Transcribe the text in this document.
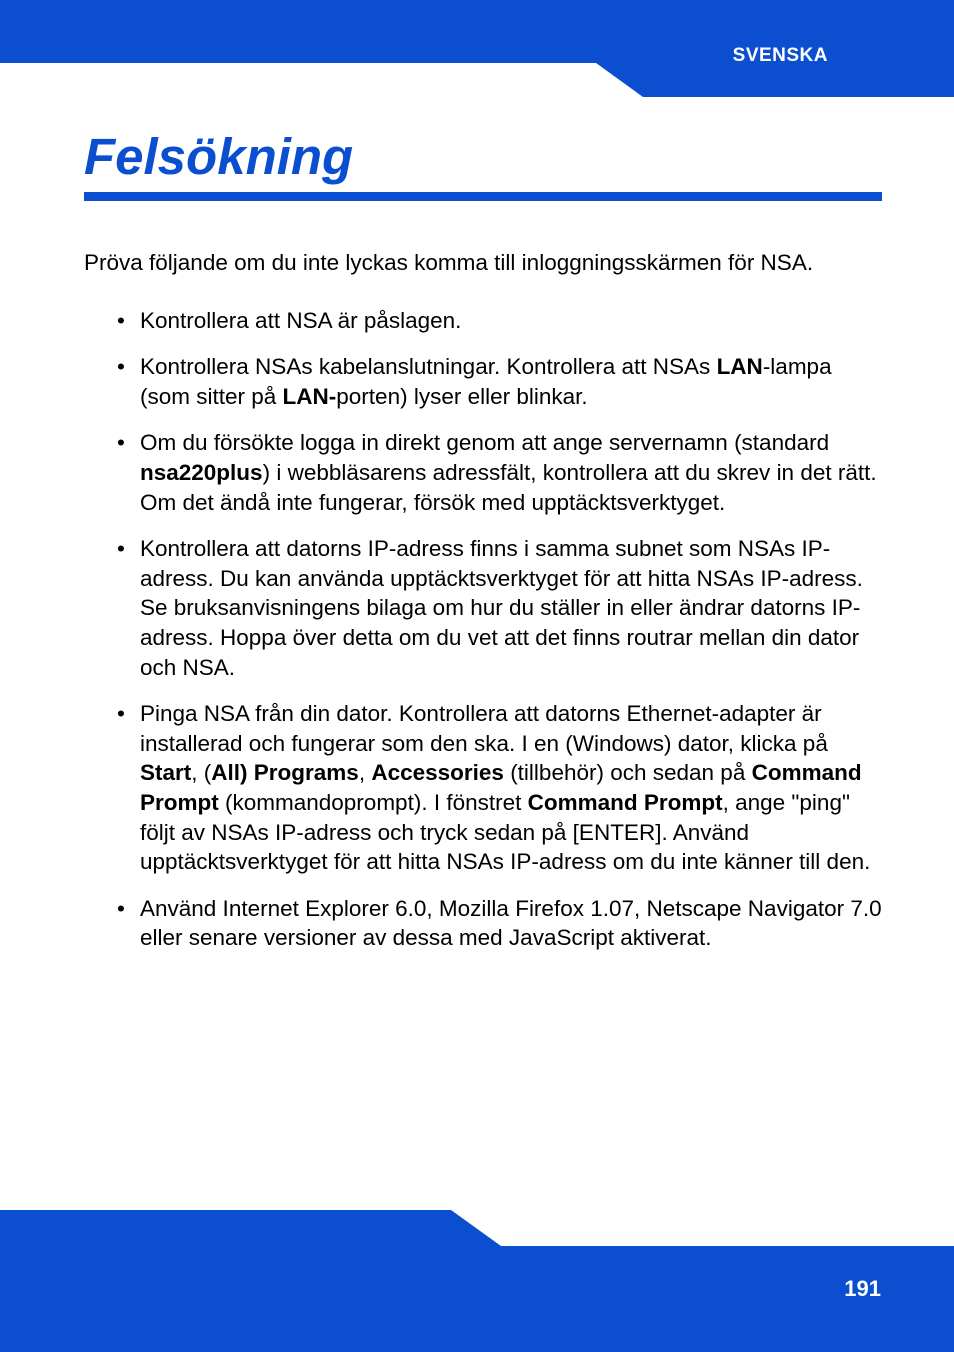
SVENSKA
Felsökning

Pröva följande om du inte lyckas komma till inloggningsskärmen för NSA.

• Kontrollera att NSA är påslagen.
• Kontrollera NSAs kabelanslutningar. Kontrollera att NSAs LAN-lampa (som sitter på LAN-porten) lyser eller blinkar.
• Om du försökte logga in direkt genom att ange servernamn (standard nsa220plus) i webbläsarens adressfält, kontrollera att du skrev in det rätt. Om det ändå inte fungerar, försök med upptäcktsverktyget.
• Kontrollera att datorns IP-adress finns i samma subnet som NSAs IP-adress. Du kan använda upptäcktsverktyget för att hitta NSAs IP-adress. Se bruksanvisningens bilaga om hur du ställer in eller ändrar datorns IP-adress. Hoppa över detta om du vet att det finns routrar mellan din dator och NSA.
• Pinga NSA från din dator. Kontrollera att datorns Ethernet-adapter är installerad och fungerar som den ska. I en (Windows) dator, klicka på Start, (All) Programs, Accessories (tillbehör) och sedan på Command Prompt (kommandoprompt). I fönstret Command Prompt, ange "ping" följt av NSAs IP-adress och tryck sedan på [ENTER]. Använd upptäcktsverktyget för att hitta NSAs IP-adress om du inte känner till den.
• Använd Internet Explorer 6.0, Mozilla Firefox 1.07, Netscape Navigator 7.0 eller senare versioner av dessa med JavaScript aktiverat.
191
